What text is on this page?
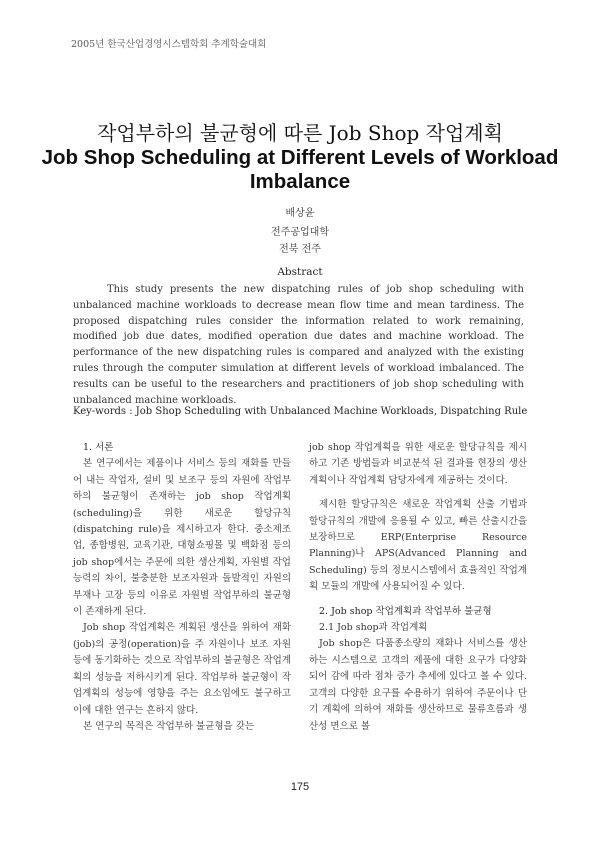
2005년 한국산업경영시스템학회 추계학술대회
작업부하의 불균형에 따른 Job Shop 작업계획
Job Shop Scheduling at Different Levels of Workload Imbalance
배상윤
전주공업대학
전북 전주
Abstract
This study presents the new dispatching rules of job shop scheduling with unbalanced machine workloads to decrease mean flow time and mean tardiness. The proposed dispatching rules consider the information related to work remaining, modified job due dates, modified operation due dates and machine workload. The performance of the new dispatching rules is compared and analyzed with the existing rules through the computer simulation at different levels of workload imbalanced. The results can be useful to the researchers and practitioners of job shop scheduling with unbalanced machine workloads.
Key-words : Job Shop Scheduling with Unbalanced Machine Workloads, Dispatching Rule
1. 서론

본 연구에서는 제품이나 서비스 등의 재화를 만들어 내는 작업자, 설비 및 보조구 등의 자원에 작업부하의 불균형이 존재하는 job shop 작업계획(scheduling)을 위한 새로운 할당규칙(dispatching rule)을 제시하고자 한다. 중소제조업, 종합병원, 교육기관, 대형쇼핑몰 및 백화점 등의 job shop에서는 주문에 의한 생산계획, 자원별 작업 능력의 차이, 불충분한 보조자원과 돌발적인 자원의 부재나 고장 등의 이유로 자원별 작업부하의 불균형이 존재하게 된다.

Job shop 작업계획은 계획된 생산을 위하여 재화(job)의 공정(operation)을 주 자원이나 보조 자원 등에 동기화하는 것으로 작업부하의 불균형은 작업계획의 성능을 저하시키게 된다. 작업부하 불균형이 작업계획의 성능에 영향을 주는 요소임에도 불구하고 이에 대한 연구는 흔하지 않다.

본 연구의 목적은 작업부하 불균형을 갖는

job shop 작업계획을 위한 새로운 할당규칙을 제시하고 기존 방법들과 비교분석 된 결과를 현장의 생산계획이나 작업계획 담당자에게 제공하는 것이다.

제시한 할당규칙은 새로운 작업계획 산출 기법과 할당규칙의 개발에 응용될 수 있고, 빠른 산출시간을 보장하므로 ERP(Enterprise Resource Planning)나 APS(Advanced Planning and Scheduling) 등의 정보시스템에서 효율적인 작업계획 모듈의 개발에 사용되어질 수 있다.

2. Job shop 작업계획과 작업부하 불균형
2.1 Job shop과 작업계획

Job shop은 다품종소량의 재화나 서비스를 생산하는 시스템으로 고객의 제품에 대한 요구가 다양화되어 감에 따라 점차 증가 추세에 있다고 볼 수 있다. 고객의 다양한 요구를 수용하기 위하여 주문이나 단기 계획에 의하여 재화를 생산하므로 물류흐름과 생산성 면으로 볼

175
